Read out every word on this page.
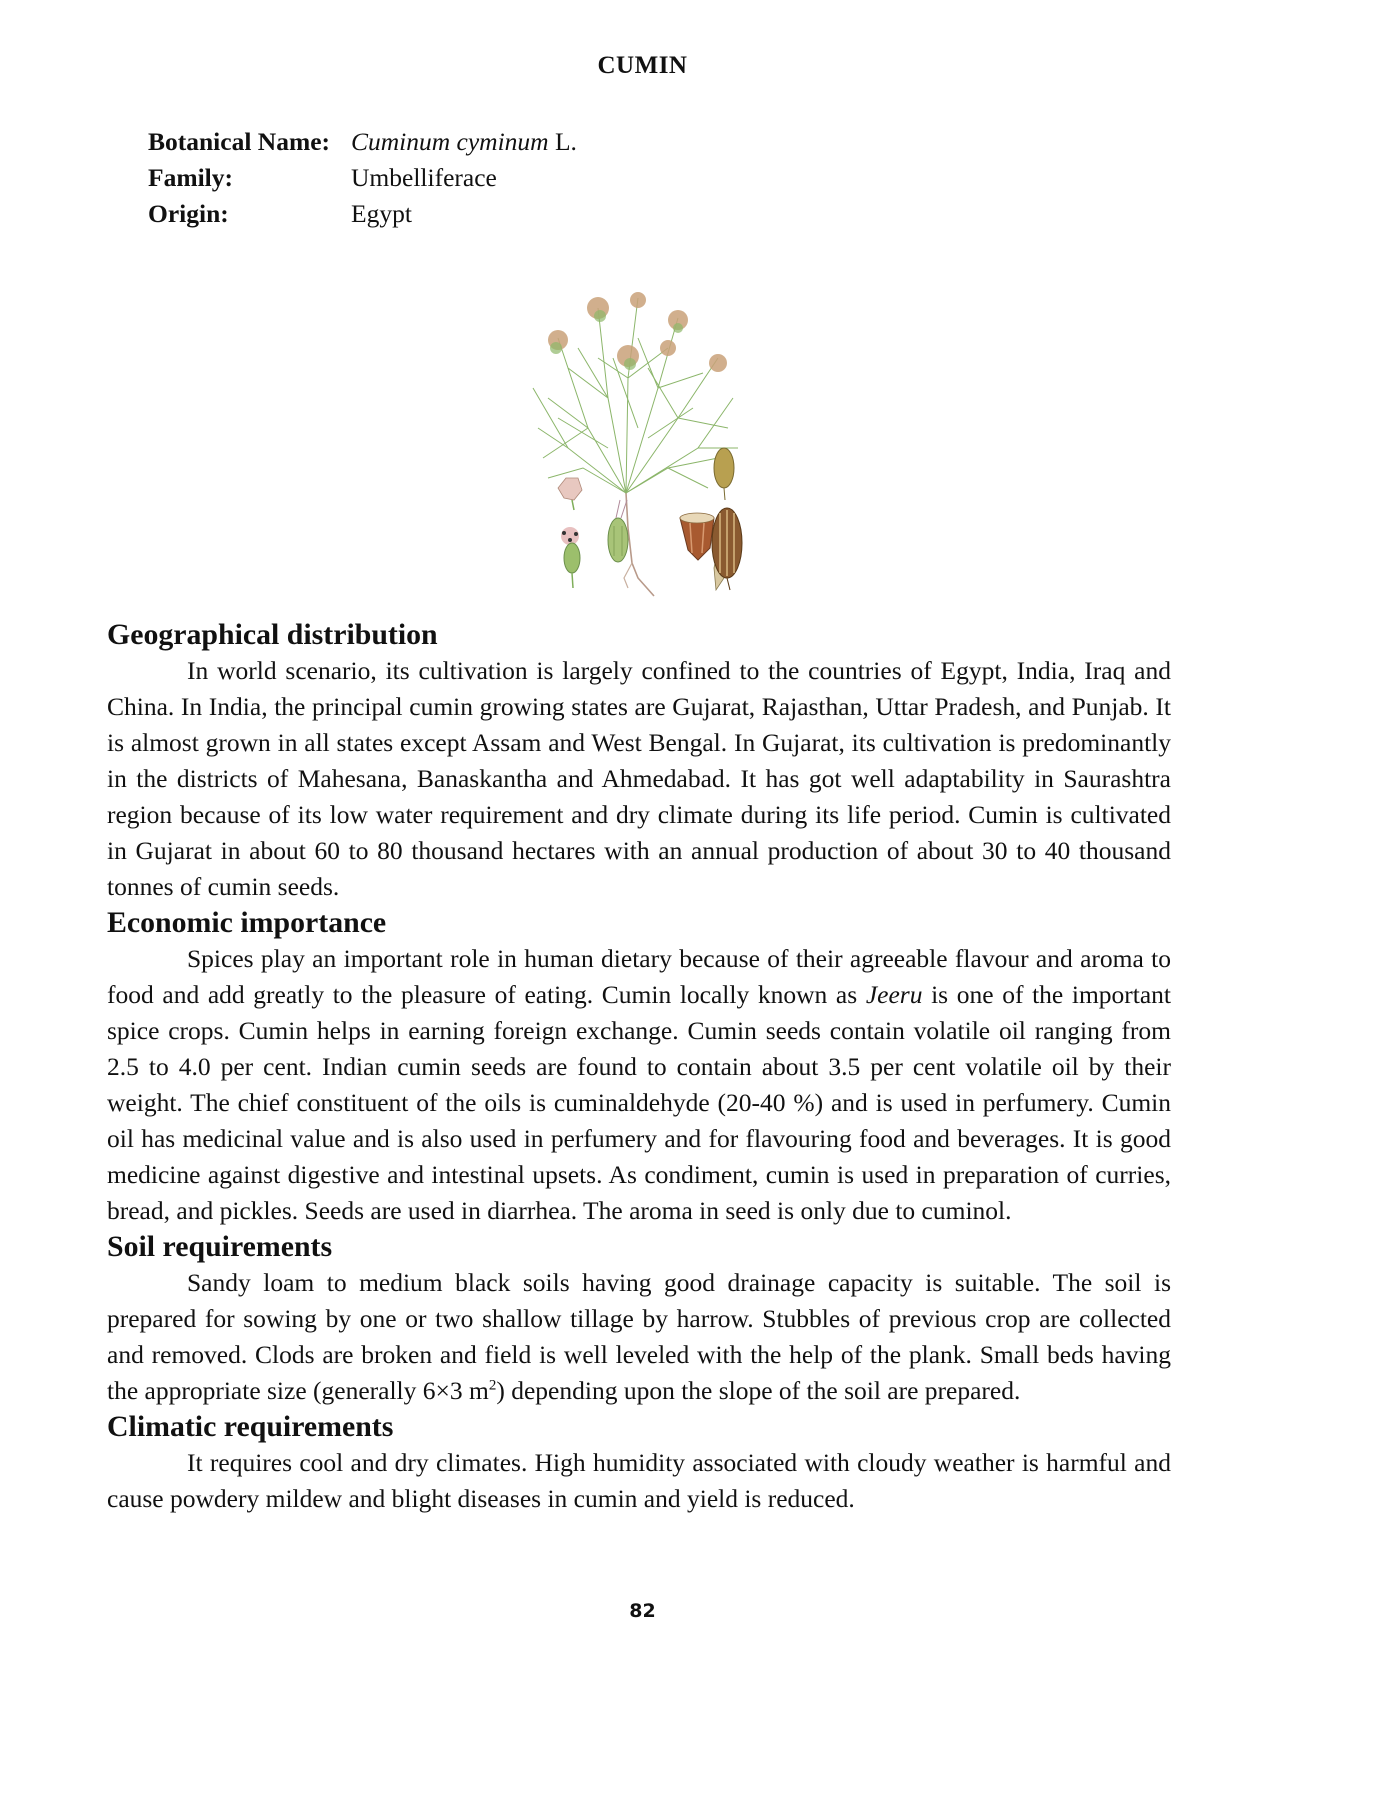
CUMIN
Botanical Name: Cuminum cyminum L.
Family:	Umbelliferace
Origin:	Egypt
Geographical distribution

In world scenario, its cultivation is largely confined to the countries of Egypt, India, Iraq and China. In India, the principal cumin growing states are Gujarat, Rajasthan, Uttar Pradesh, and Punjab. It is almost grown in all states except Assam and West Bengal. In Gujarat, its cultivation is predominantly in the districts of Mahesana, Banaskantha and Ahmedabad. It has got well adaptability in Saurashtra region because of its low water requirement and dry climate during its life period. Cumin is cultivated in Gujarat in about 60 to 80 thousand hectares with an annual production of about 30 to 40 thousand tonnes of cumin seeds.

Economic importance

Spices play an important role in human dietary because of their agreeable flavour and aroma to food and add greatly to the pleasure of eating. Cumin locally known as Jeeru is one of the important spice crops. Cumin helps in earning foreign exchange. Cumin seeds contain volatile oil ranging from 2.5 to 4.0 per cent. Indian cumin seeds are found to contain about 3.5 per cent volatile oil by their weight. The chief constituent of the oils is cuminaldehyde (20-40 %) and is used in perfumery. Cumin oil has medicinal value and is also used in perfumery and for flavouring food and beverages. It is good medicine against digestive and intestinal upsets. As condiment, cumin is used in preparation of curries, bread, and pickles. Seeds are used in diarrhea. The aroma in seed is only due to cuminol.

Soil requirements

Sandy loam to medium black soils having good drainage capacity is suitable. The soil is prepared for sowing by one or two shallow tillage by harrow. Stubbles of previous crop are collected and removed. Clods are broken and field is well leveled with the help of the plank. Small beds having the appropriate size (generally 6×3 $m^2$) depending upon the slope of the soil are prepared.

Climatic requirements

It requires cool and dry climates. High humidity associated with cloudy weather is harmful and cause powdery mildew and blight diseases in cumin and yield is reduced.

82
